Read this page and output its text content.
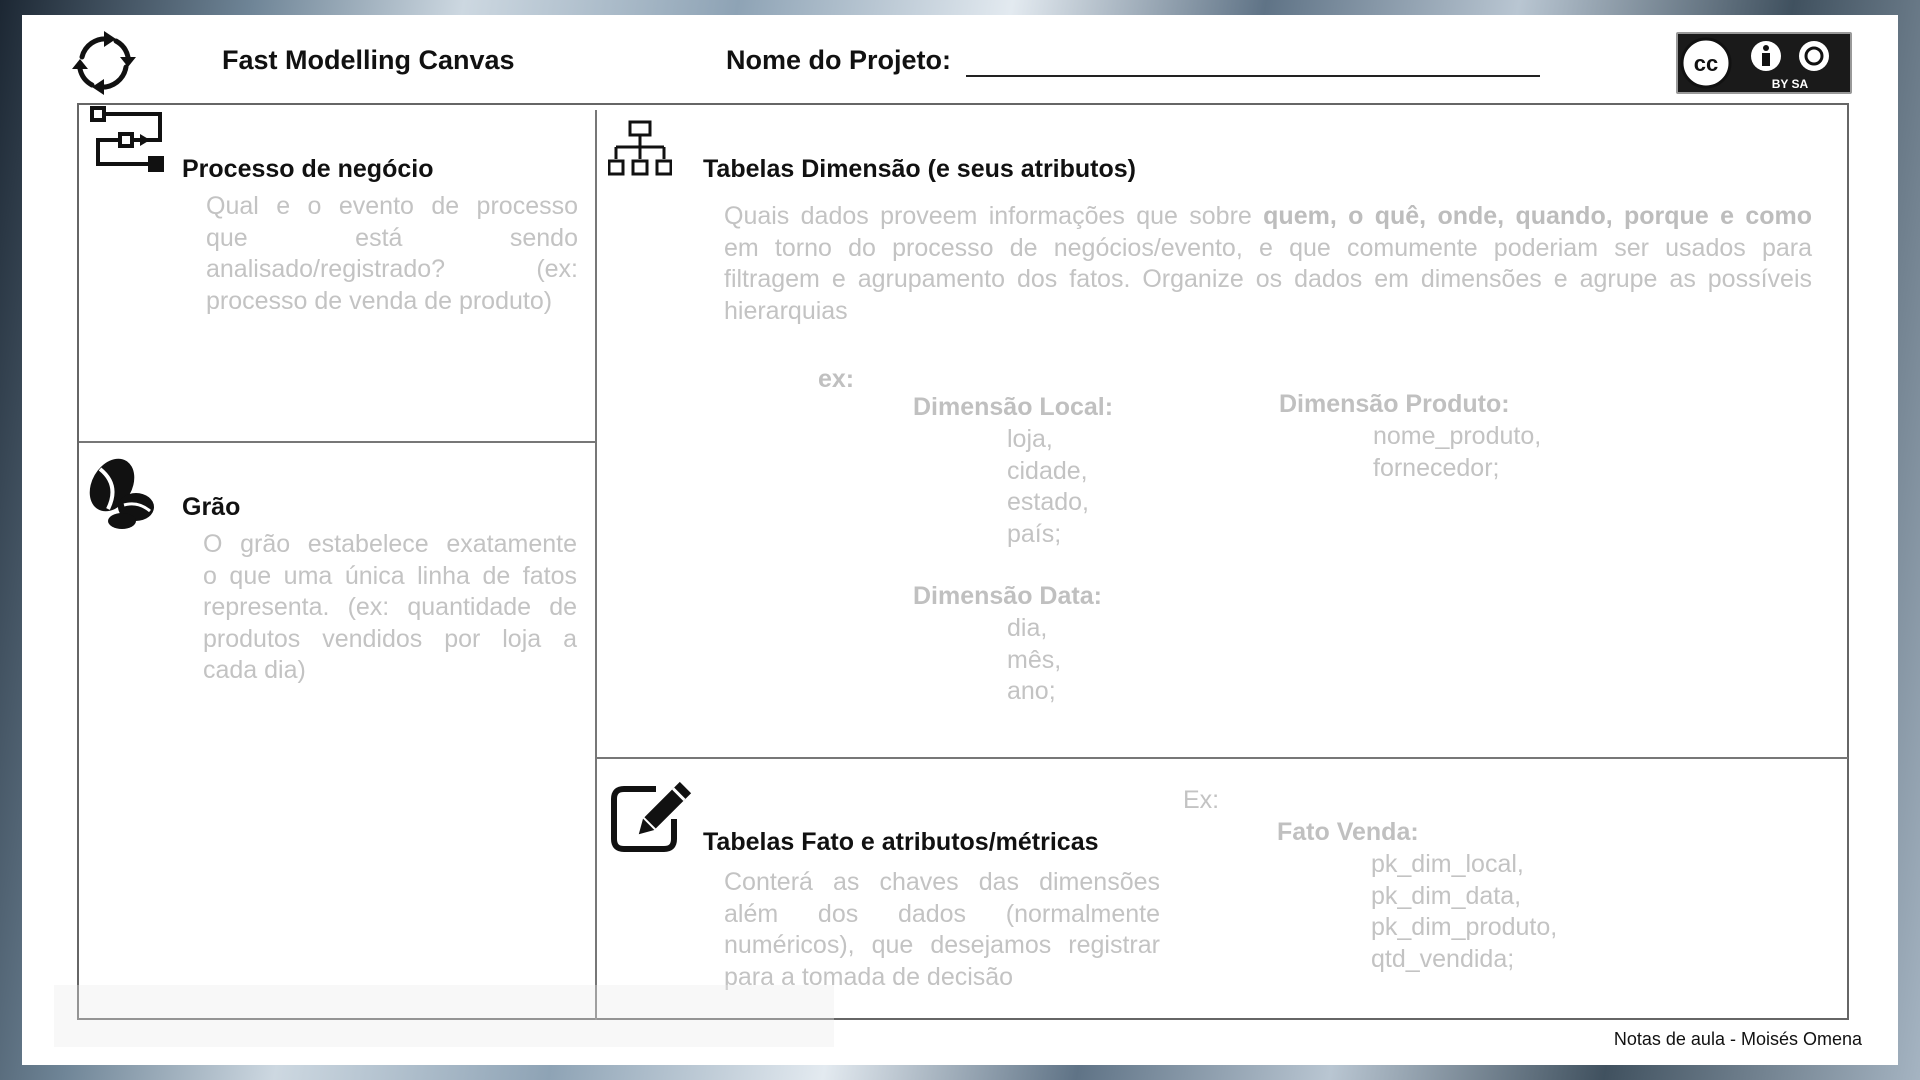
Fast Modelling Canvas	Nome do Projeto:	cc
BY SA
Processo de negócio
Qual e o evento de processo
que está sendo
analisado/registrado? (ex:
processo de venda de produto)
Grão
O grão estabelece exatamente
o que uma única linha de fatos
representa. (ex: quantidade de
produtos vendidos por loja a
cada dia)
Tabelas Dimensão (e seus atributos)
Quais dados proveem informações que sobre quem, o quê, onde, quando, porque e como
em torno do processo de negócios/evento, e que comumente poderiam ser usados para
filtragem e agrupamento dos fatos. Organize os dados em dimensões e agrupe as possíveis
hierarquias
ex:
Dimensão Local:
loja,
cidade,
estado,
país;
Dimensão Data:
dia,
mês,
ano;
Dimensão Produto:
nome_produto,
fornecedor;
Tabelas Fato e atributos/métricas
Conterá as chaves das dimensões
além dos dados (normalmente
numéricos), que desejamos registrar
para a tomada de decisão
Ex:
Fato Venda:
pk_dim_local,
pk_dim_data,
pk_dim_produto,
qtd_vendida;
Notas de aula - Moisés Omena
